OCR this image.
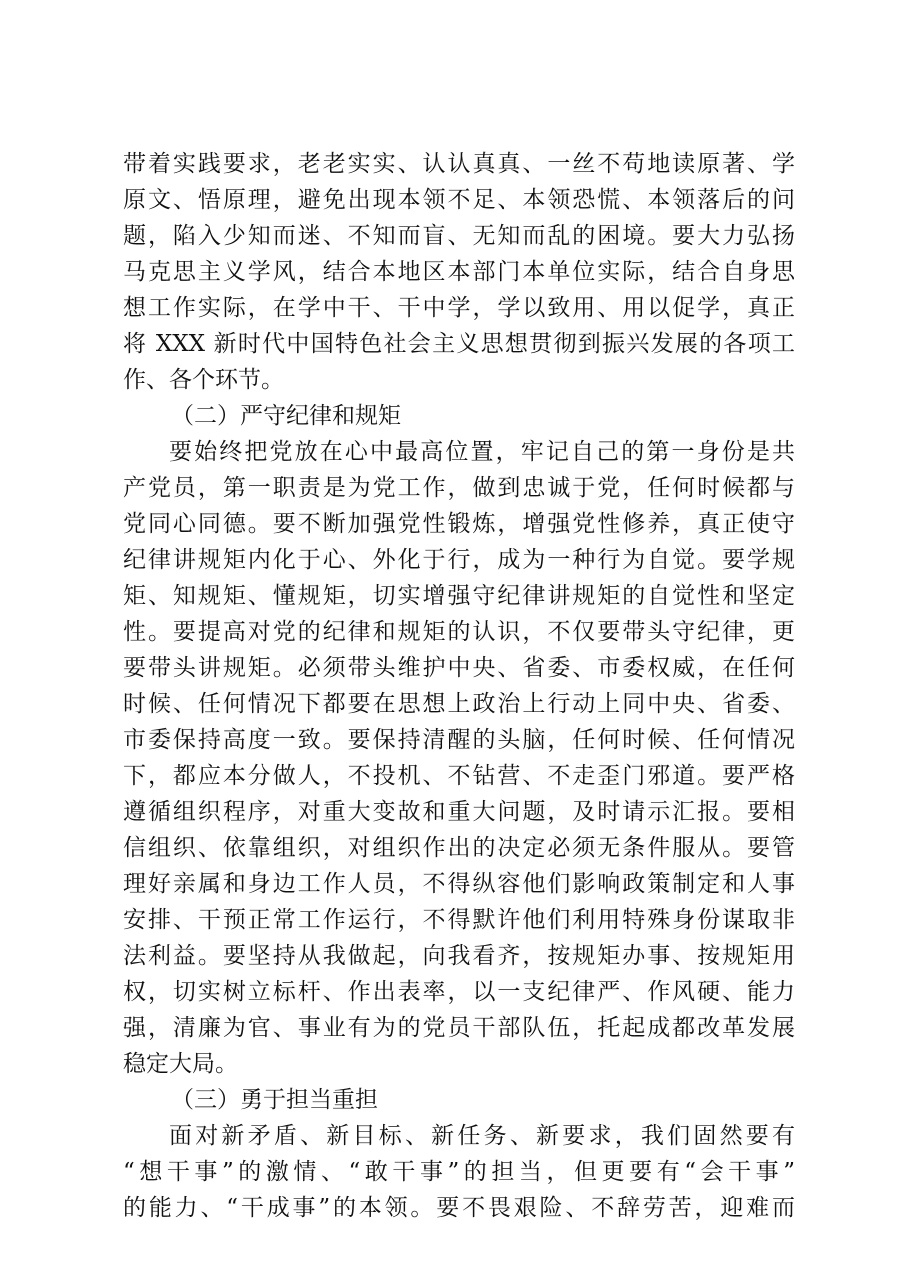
带着实践要求，老老实实、认认真真、一丝不苟地读原著、学
原文、悟原理，避免出现本领不足、本领恐慌、本领落后的问
题，陷入少知而迷、不知而盲、无知而乱的困境。要大力弘扬
马克思主义学风，结合本地区本部门本单位实际，结合自身思
想工作实际，在学中干、干中学，学以致用、用以促学，真正
将 XXX 新时代中国特色社会主义思想贯彻到振兴发展的各项工
作、各个环节。
（二）严守纪律和规矩
要始终把党放在心中最高位置，牢记自己的第一身份是共
产党员，第一职责是为党工作，做到忠诚于党，任何时候都与
党同心同德。要不断加强党性锻炼，增强党性修养，真正使守
纪律讲规矩内化于心、外化于行，成为一种行为自觉。要学规
矩、知规矩、懂规矩，切实增强守纪律讲规矩的自觉性和坚定
性。要提高对党的纪律和规矩的认识，不仅要带头守纪律，更
要带头讲规矩。必须带头维护中央、省委、市委权威，在任何
时候、任何情况下都要在思想上政治上行动上同中央、省委、
市委保持高度一致。要保持清醒的头脑，任何时候、任何情况
下，都应本分做人，不投机、不钻营、不走歪门邪道。要严格
遵循组织程序，对重大变故和重大问题，及时请示汇报。要相
信组织、依靠组织，对组织作出的决定必须无条件服从。要管
理好亲属和身边工作人员，不得纵容他们影响政策制定和人事
安排、干预正常工作运行，不得默许他们利用特殊身份谋取非
法利益。要坚持从我做起，向我看齐，按规矩办事、按规矩用
权，切实树立标杆、作出表率，以一支纪律严、作风硬、能力
强，清廉为官、事业有为的党员干部队伍，托起成都改革发展
稳定大局。
（三）勇于担当重担
面对新矛盾、新目标、新任务、新要求，我们固然要有
“想干事”的激情、“敢干事”的担当，但更要有“会干事”
的能力、“干成事”的本领。要不畏艰险、不辞劳苦，迎难而
